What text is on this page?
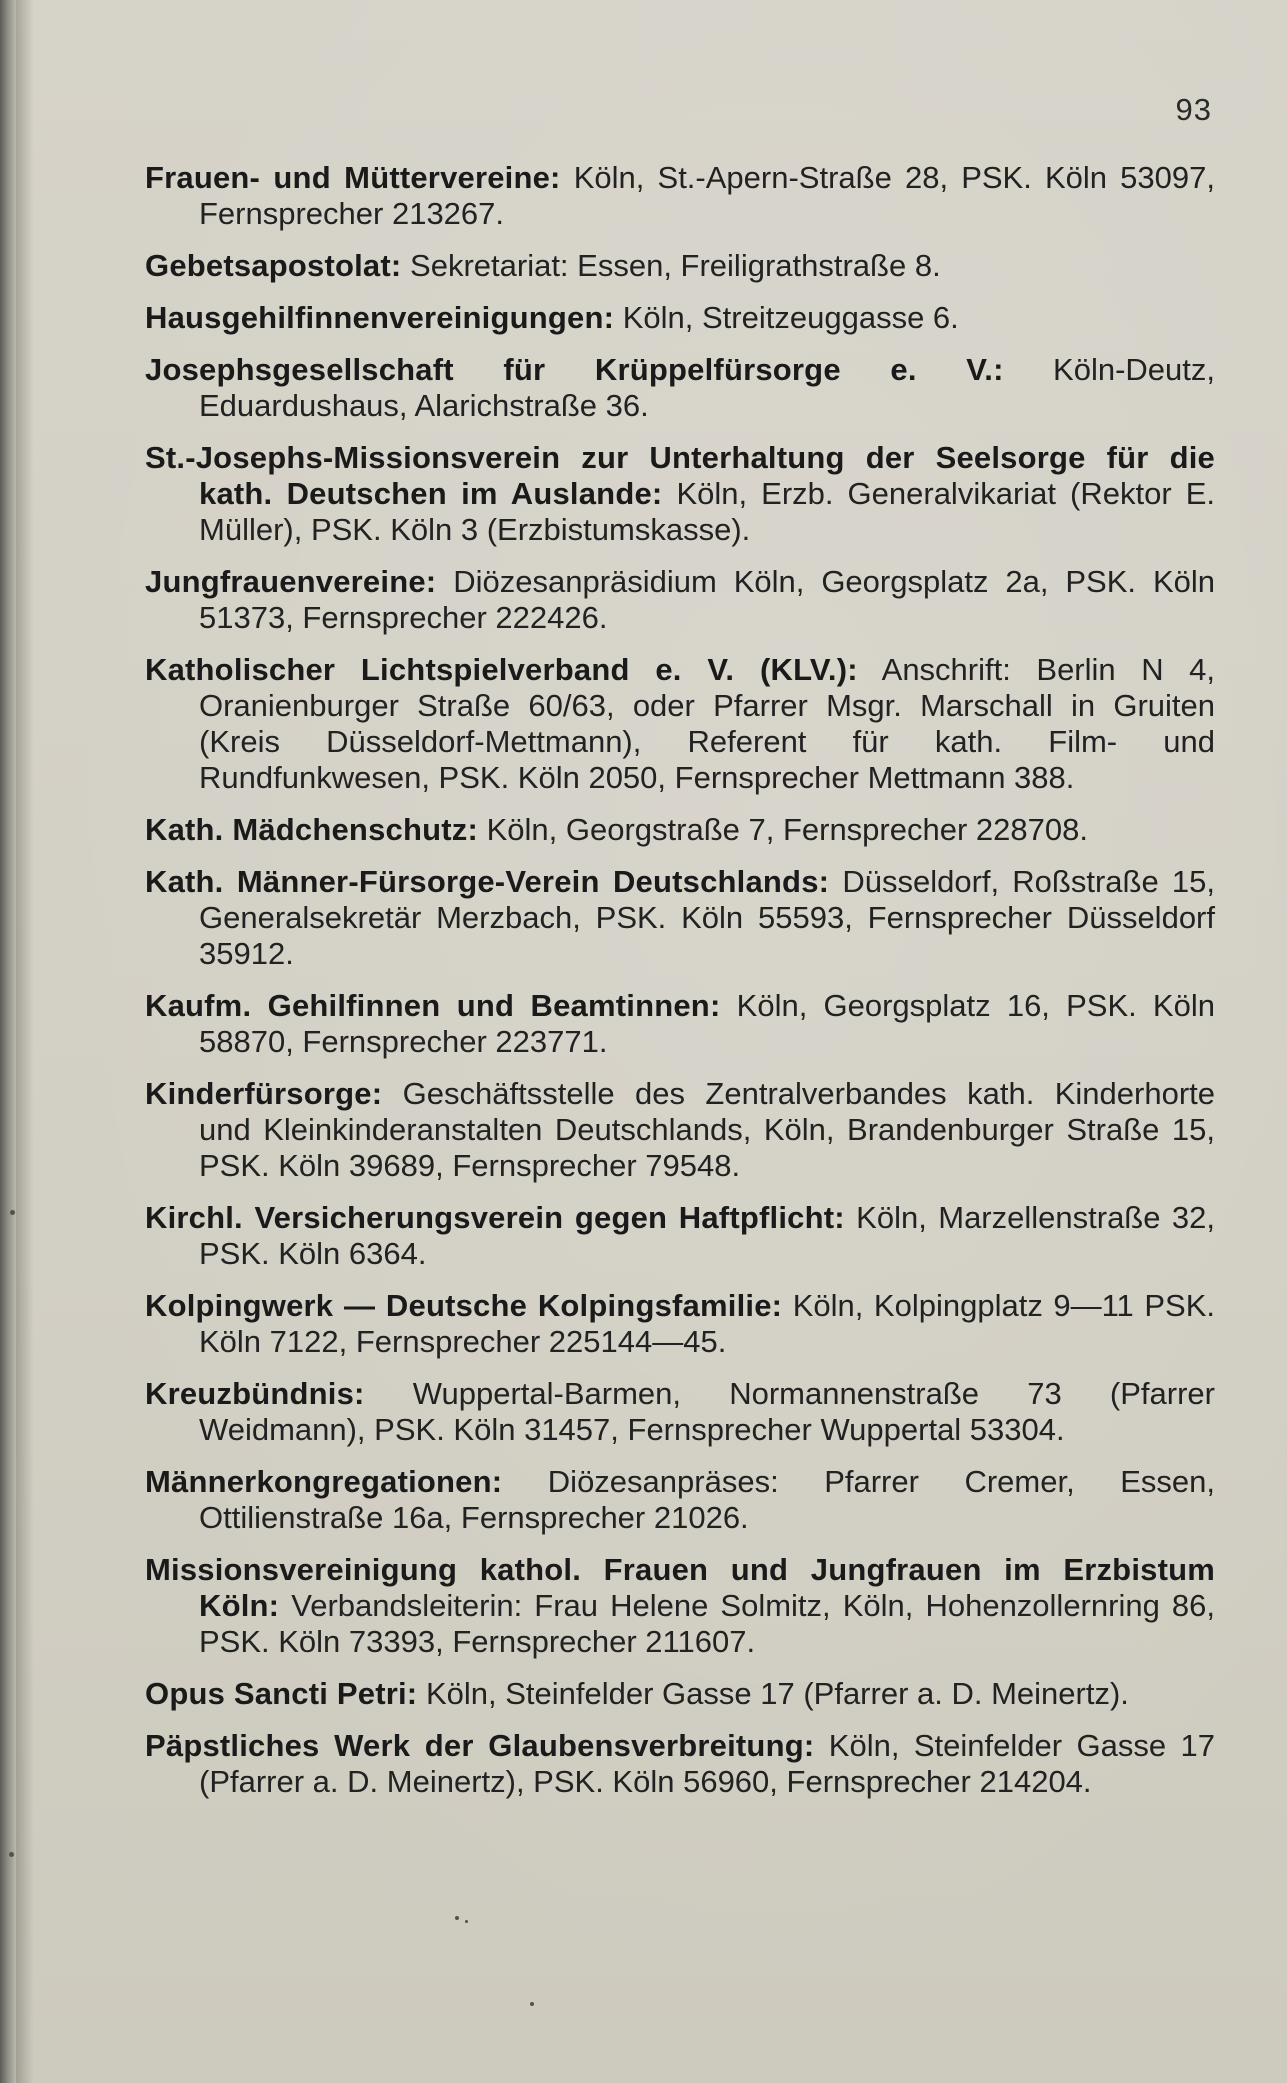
93

Frauen- und Müttervereine: Köln, St.-Apern-Straße 28, PSK. Köln 53097, Fernsprecher 213267.

Gebetsapostolat: Sekretariat: Essen, Freiligrathstraße 8.

Hausgehilfinnenvereinigungen: Köln, Streitzeuggasse 6.

Josephsgesellschaft für Krüppelfürsorge e. V.: Köln-Deutz, Eduardushaus, Alarichstraße 36.

St.-Josephs-Missionsverein zur Unterhaltung der Seelsorge für die kath. Deutschen im Auslande: Köln, Erzb. Generalvikariat (Rektor E. Müller), PSK. Köln 3 (Erzbistumskasse).

Jungfrauenvereine: Diözesanpräsidium Köln, Georgsplatz 2a, PSK. Köln 51373, Fernsprecher 222426.

Katholischer Lichtspielverband e. V. (KLV.): Anschrift: Berlin N 4, Oranienburger Straße 60/63, oder Pfarrer Msgr. Marschall in Gruiten (Kreis Düsseldorf-Mettmann), Referent für kath. Film- und Rundfunkwesen, PSK. Köln 2050, Fernsprecher Mettmann 388.

Kath. Mädchenschutz: Köln, Georgstraße 7, Fernsprecher 228708.

Kath. Männer-Fürsorge-Verein Deutschlands: Düsseldorf, Roßstraße 15, Generalsekretär Merzbach, PSK. Köln 55593, Fernsprecher Düsseldorf 35912.

Kaufm. Gehilfinnen und Beamtinnen: Köln, Georgsplatz 16, PSK. Köln 58870, Fernsprecher 223771.

Kinderfürsorge: Geschäftsstelle des Zentralverbandes kath. Kinderhorte und Kleinkinderanstalten Deutschlands, Köln, Brandenburger Straße 15, PSK. Köln 39689, Fernsprecher 79548.

Kirchl. Versicherungsverein gegen Haftpflicht: Köln, Marzellenstraße 32, PSK. Köln 6364.

Kolpingwerk — Deutsche Kolpingsfamilie: Köln, Kolpingplatz 9—11 PSK. Köln 7122, Fernsprecher 225144—45.

Kreuzbündnis: Wuppertal-Barmen, Normannenstraße 73 (Pfarrer Weidmann), PSK. Köln 31457, Fernsprecher Wuppertal 53304.

Männerkongregationen: Diözesanpräses: Pfarrer Cremer, Essen, Ottilienstraße 16a, Fernsprecher 21026.

Missionsvereinigung kathol. Frauen und Jungfrauen im Erzbistum Köln: Verbandsleiterin: Frau Helene Solmitz, Köln, Hohenzollernring 86, PSK. Köln 73393, Fernsprecher 211607.

Opus Sancti Petri: Köln, Steinfelder Gasse 17 (Pfarrer a. D. Meinertz).

Päpstliches Werk der Glaubensverbreitung: Köln, Steinfelder Gasse 17 (Pfarrer a. D. Meinertz), PSK. Köln 56960, Fernsprecher 214204.
